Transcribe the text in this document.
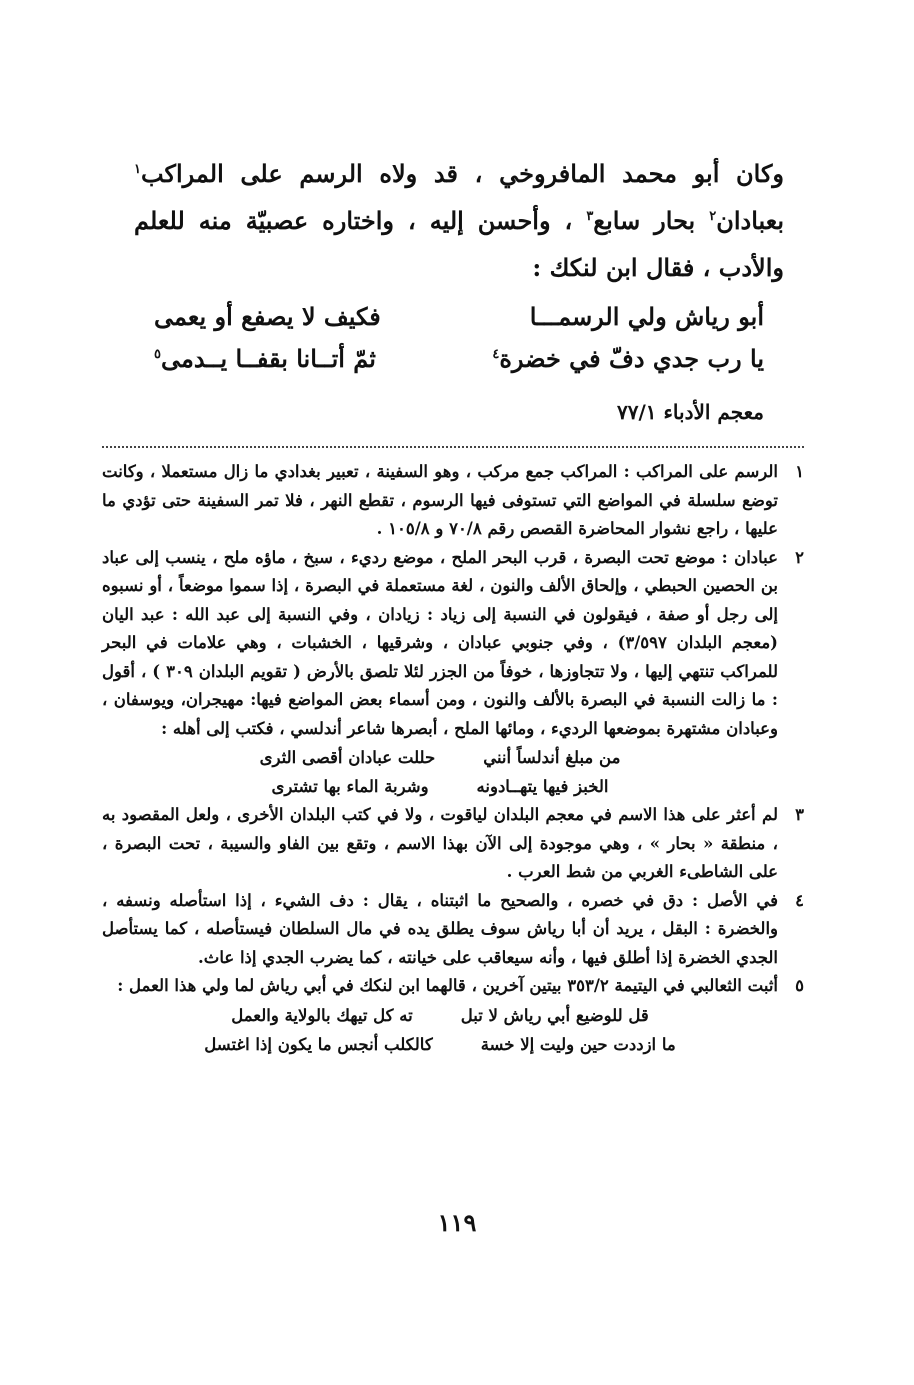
وكان أبو محمد المافروخي ، قد ولاه الرسم على المراكب$^١$ بعبادان$^٢$ بحار سابع$^٣$ ، وأحسن إليه ، واختاره عصبيّة منه للعلم والأدب ، فقال ابن لنكك :

أبو رياش ولي الرسمـــا
فكيف لا يصفع أو يعمى
يا رب جدي دفّ في خضرة$^٤$
ثمّ أتــانا بقفــا يــدمى$^٥$
معجم الأدباء ٧٧/١
١

الرسم على المراكب : المراكب جمع مركب ، وهو السفينة ، تعبير بغدادي ما زال مستعملا ، وكانت توضع سلسلة في المواضع التي تستوفى فيها الرسوم ، تقطع النهر ، فلا تمر السفينة حتى تؤدي ما عليها ، راجع نشوار المحاضرة القصص رقم ٧٠/٨ و ١٠٥/٨ .

٢

عبادان : موضع تحت البصرة ، قرب البحر الملح ، موضع رديء ، سبخ ، ماؤه ملح ، ينسب إلى عباد بن الحصين الحبطي ، وإلحاق الألف والنون ، لغة مستعملة في البصرة ، إذا سموا موضعاً ، أو نسبوه إلى رجل أو صفة ، فيقولون في النسبة إلى زياد : زيادان ، وفي النسبة إلى عبد الله : عبد اليان (معجم البلدان ٣/٥٩٧) ، وفي جنوبي عبادان ، وشرقيها ، الخشبات ، وهي علامات في البحر للمراكب تنتهي إليها ، ولا تتجاوزها ، خوفاً من الجزر لئلا تلصق بالأرض ( تقويم البلدان ٣٠٩ ) ، أقول : ما زالت النسبة في البصرة بالألف والنون ، ومن أسماء بعض المواضع فيها: مهيجران، ويوسفان ، وعبادان مشتهرة بموضعها الرديء ، ومائها الملح ، أبصرها شاعر أندلسي ، فكتب إلى أهله :

من مبلغ أندلساً أنني
حللت عبادان أقصى الثرى
الخبز فيها يتهــادونه
وشربة الماء بها تشترى
٣

لم أعثر على هذا الاسم في معجم البلدان لياقوت ، ولا في كتب البلدان الأخرى ، ولعل المقصود به ، منطقة « بحار » ، وهي موجودة إلى الآن بهذا الاسم ، وتقع بين الفاو والسيبة ، تحت البصرة ، على الشاطىء الغربي من شط العرب .

٤

في الأصل : دق في خصره ، والصحيح ما اثبتناه ، يقال : دف الشيء ، إذا استأصله ونسفه ، والخضرة : البقل ، يريد أن أبا رياش سوف يطلق يده في مال السلطان فيستأصله ، كما يستأصل الجدي الخضرة إذا أطلق فيها ، وأنه سيعاقب على خيانته ، كما يضرب الجدي إذا عاث.

٥

أثبت الثعالبي في اليتيمة ٣٥٣/٢ بيتين آخرين ، قالهما ابن لنكك في أبي رياش لما ولي هذا العمل :

قل للوضيع أبي رياش لا تبل
ته كل تيهك بالولاية والعمل
ما ازددت حين وليت إلا خسة
كالكلب أنجس ما يكون إذا اغتسل
١١٩
